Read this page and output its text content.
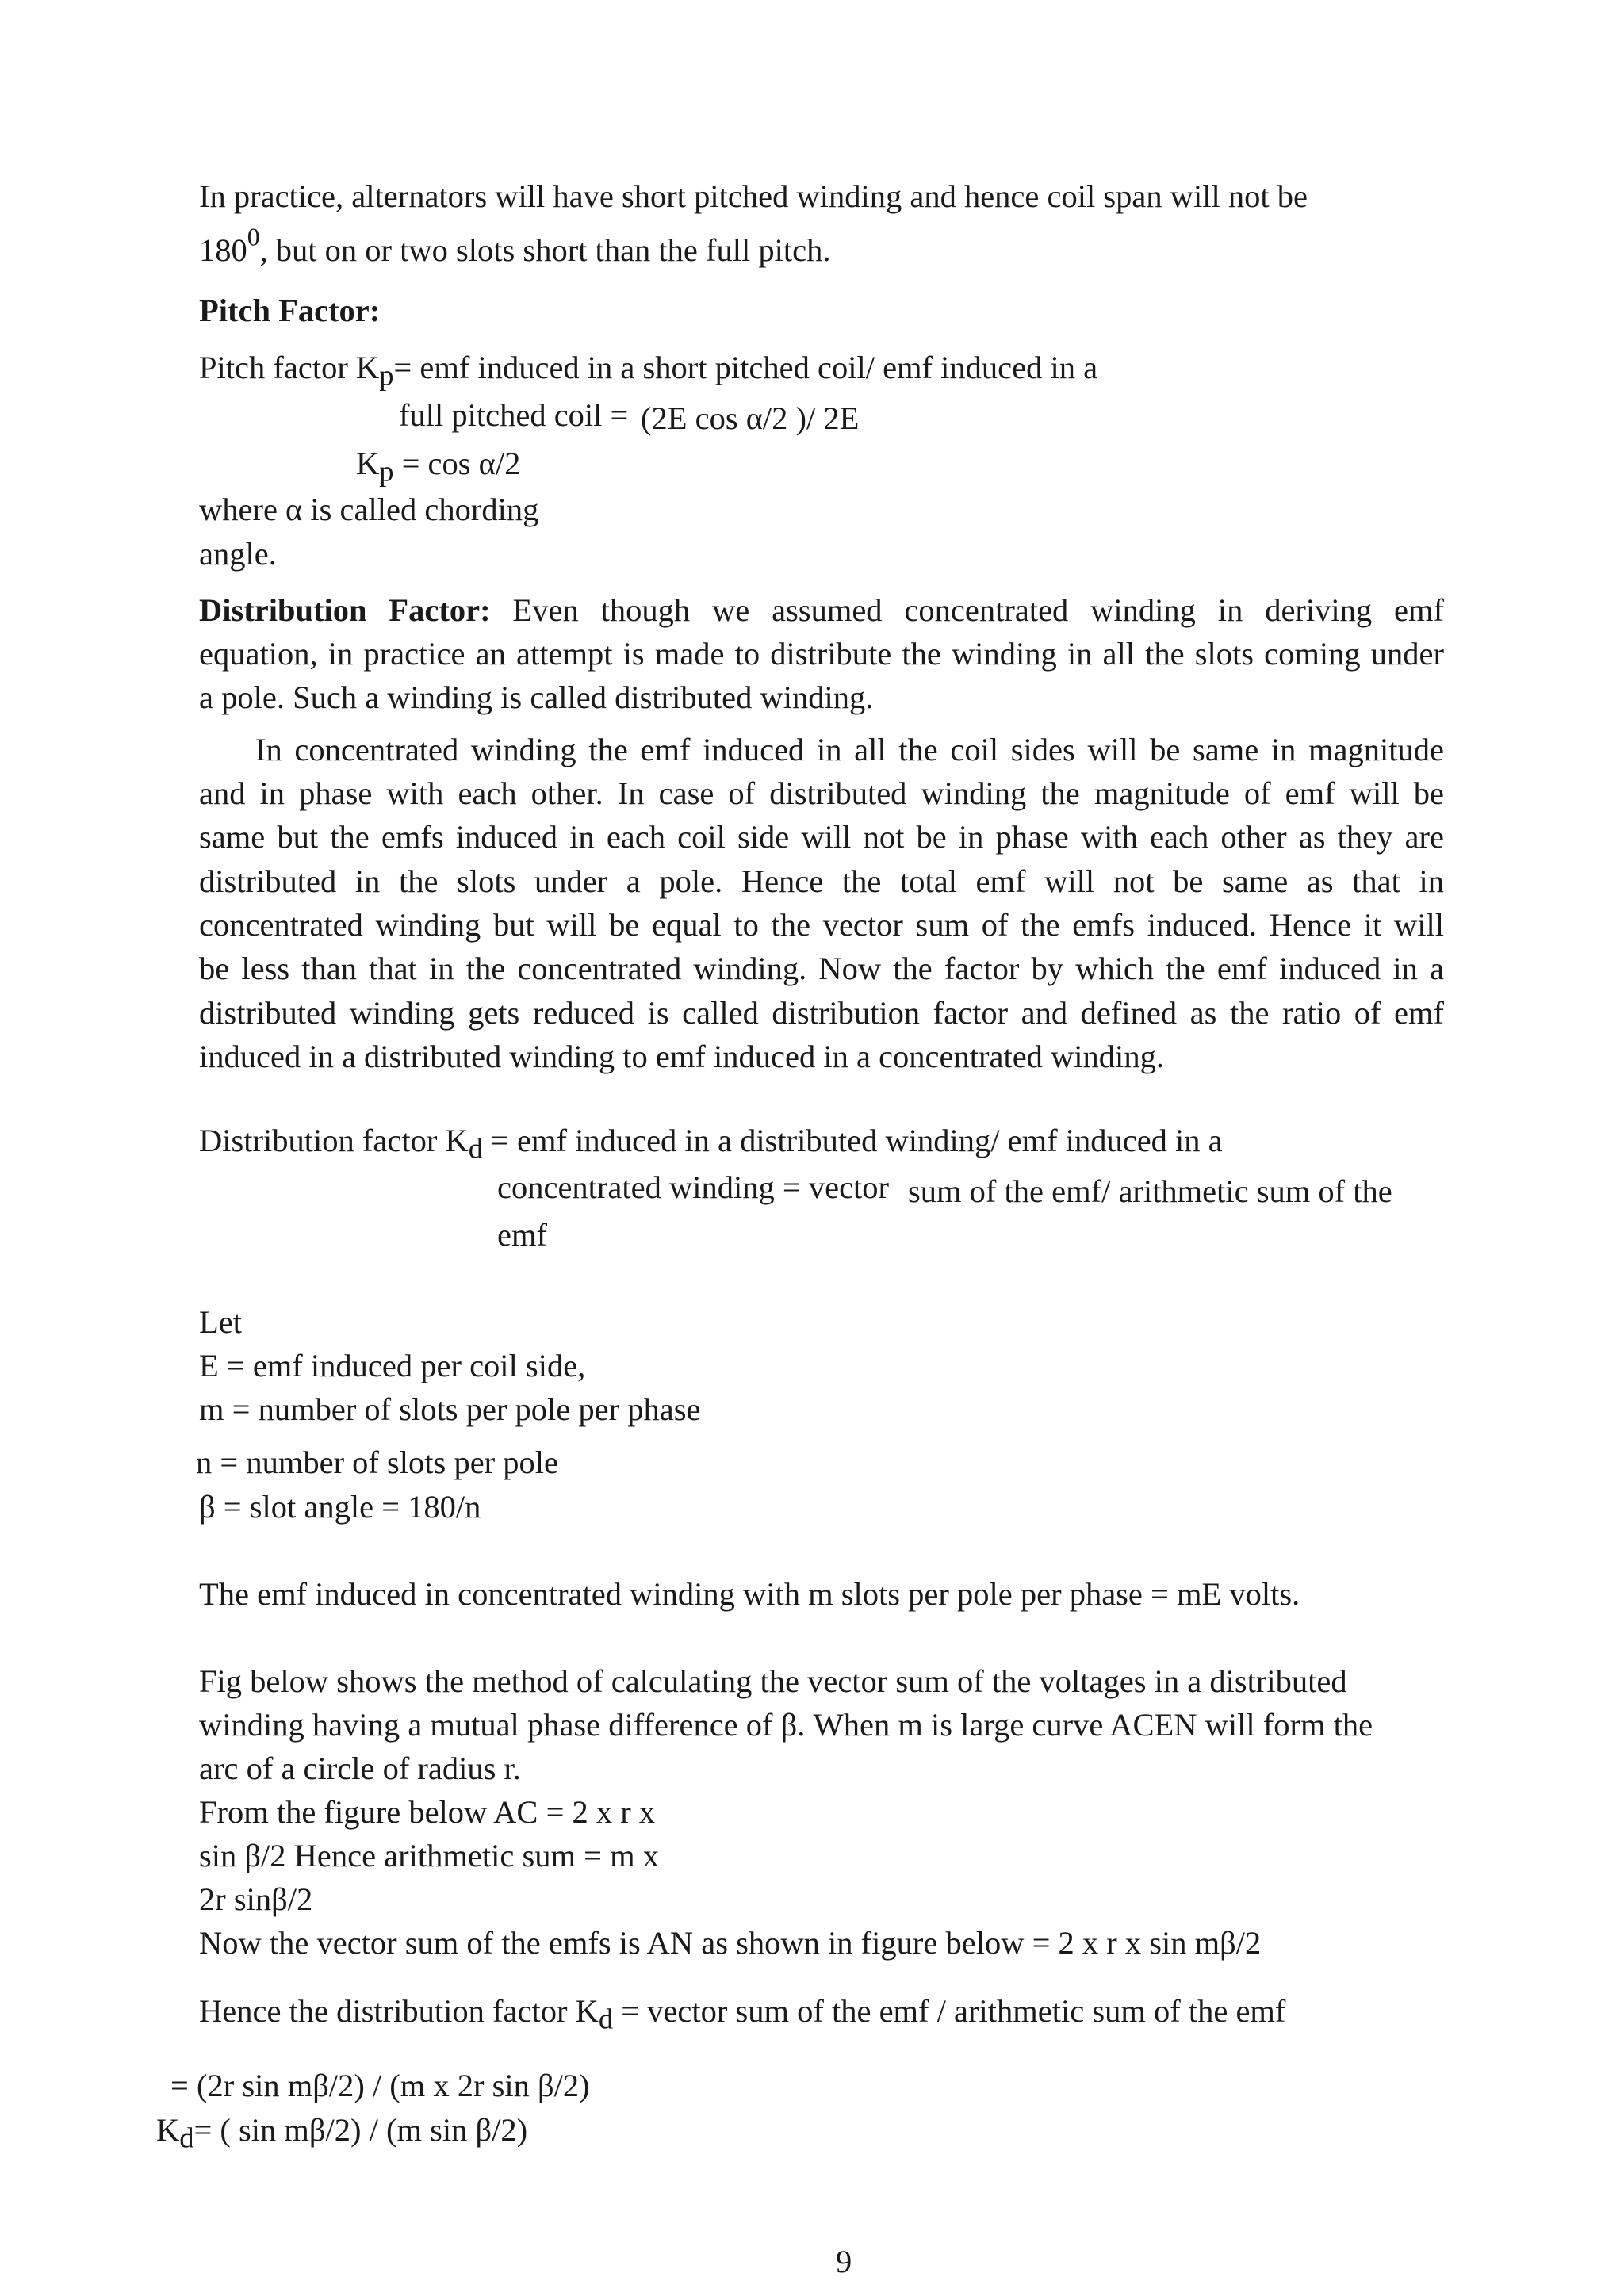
In practice, alternators will have short pitched winding and hence coil span will not be
$180^0$, but on or two slots short than the full pitch.
Pitch Factor:
Pitch factor $K_p=$ emf induced in a short pitched coil/ emf induced in a
full pitched coil = (2E cos α/2 )/ 2E
$K_p = \cos \alpha/2$
where α is called chording
angle.
Distribution Factor: Even though we assumed concentrated winding in deriving emf
equation, in practice an attempt is made to distribute the winding in all the slots coming under
a pole. Such a winding is called distributed winding.
In concentrated winding the emf induced in all the coil sides will be same in magnitude
and in phase with each other. In case of distributed winding the magnitude of emf will be
same but the emfs induced in each coil side will not be in phase with each other as they are
distributed in the slots under a pole. Hence the total emf will not be same as that in
concentrated winding but will be equal to the vector sum of the emfs induced. Hence it will
be less than that in the concentrated winding. Now the factor by which the emf induced in a
distributed winding gets reduced is called distribution factor and defined as the ratio of emf
induced in a distributed winding to emf induced in a concentrated winding.
Distribution factor $K_d$ = emf induced in a distributed winding/ emf induced in a
concentrated winding = vector sum of the emf/ arithmetic sum of the
emf
Let
E = emf induced per coil side,
m = number of slots per pole per phase
n = number of slots per pole
β = slot angle = 180/n
The emf induced in concentrated winding with m slots per pole per phase = mE volts.
Fig below shows the method of calculating the vector sum of the voltages in a distributed
winding having a mutual phase difference of β. When m is large curve ACEN will form the
arc of a circle of radius r.
From the figure below AC = 2 x r x
sin β/2 Hence arithmetic sum = m x
2r sinβ/2
Now the vector sum of the emfs is AN as shown in figure below = 2 x r x sin mβ/2
Hence the distribution factor $K_d$ = vector sum of the emf / arithmetic sum of the emf
= (2r sin mβ/2) / (m x 2r sin β/2)
$K_d=$ ( sin mβ/2) / (m sin β/2)
9
